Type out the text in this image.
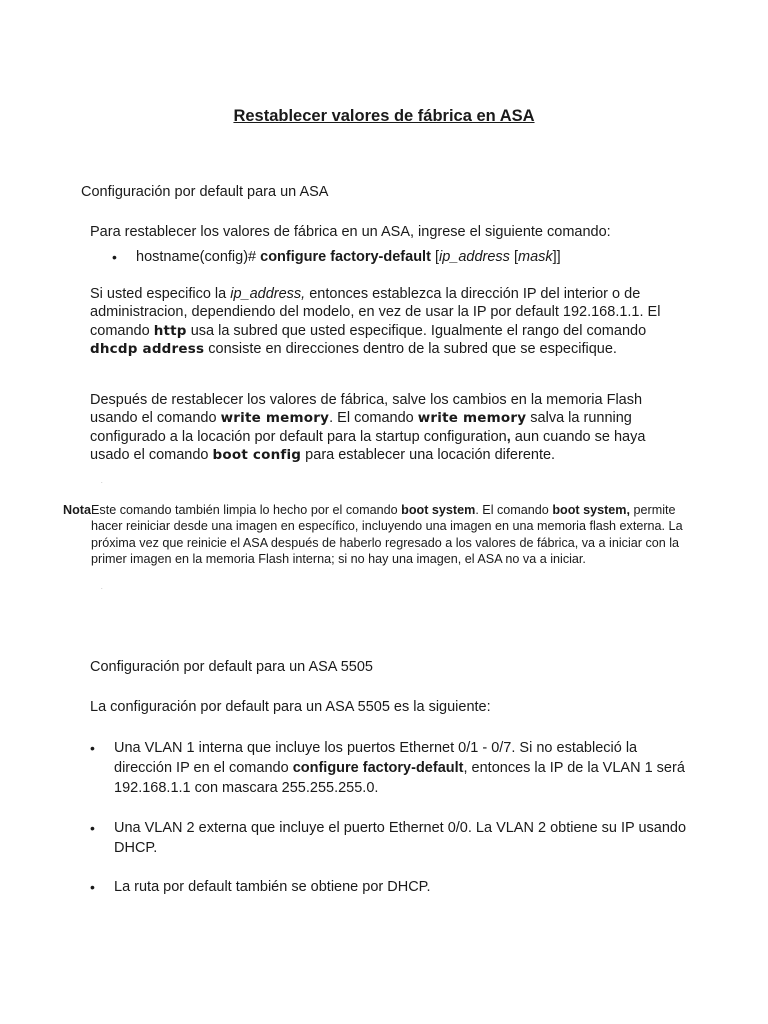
Restablecer valores de fábrica en ASA
Configuración por default para un ASA
Para restablecer los valores de fábrica en un ASA, ingrese el siguiente comando:
• hostname(config)# configure factory-default [ip_address [mask]]
Si usted especifico la ip_address, entonces establezca la dirección IP del interior o de administracion, dependiendo del modelo, en vez de usar la IP por default 192.168.1.1. El comando http usa la subred que usted especifique. Igualmente el rango del comando dhcdp address consiste en direcciones dentro de la subred que se especifique.
Después de restablecer los valores de fábrica, salve los cambios en la memoria Flash usando el comando write memory. El comando write memory salva la running configurado a la locación por default para la startup configuration, aun cuando se haya usado el comando boot config para establecer una locación diferente.
.
Nota Este comando también limpia lo hecho por el comando boot system. El comando boot system, permite hacer reiniciar desde una imagen en específico, incluyendo una imagen en una memoria flash externa. La próxima vez que reinicie el ASA después de haberlo regresado a los valores de fábrica, va a iniciar con la primer imagen en la memoria Flash interna; si no hay una imagen, el ASA no va a iniciar.
.
Configuración por default para un ASA 5505
La configuración por default para un ASA 5505 es la siguiente:
•	Una VLAN 1 interna que incluye los puertos Ethernet 0/1 - 0/7. Si no estableció la dirección IP en el comando configure factory-default, entonces la IP de la VLAN 1 será 192.168.1.1 con mascara 255.255.255.0.
•	Una VLAN 2 externa que incluye el puerto Ethernet 0/0. La VLAN 2 obtiene su IP usando DHCP.
•	La ruta por default también se obtiene por DHCP.
